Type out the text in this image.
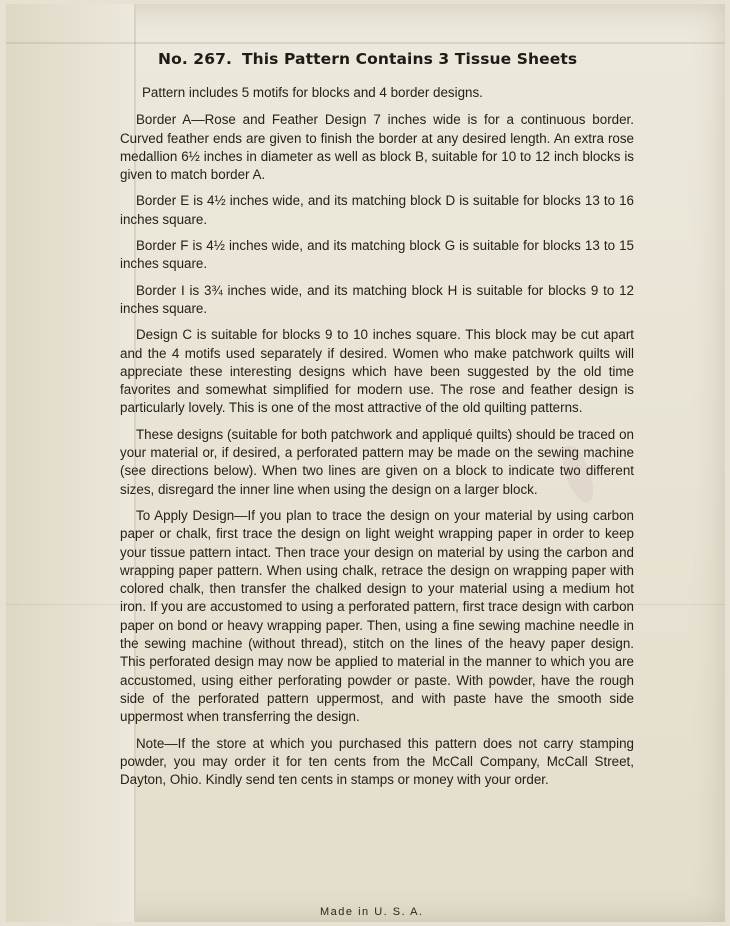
No. 267. This Pattern Contains 3 Tissue Sheets

Pattern includes 5 motifs for blocks and 4 border designs.

Border A—Rose and Feather Design 7 inches wide is for a continuous border. Curved feather ends are given to finish the border at any desired length. An extra rose medallion 6½ inches in diameter as well as block B, suitable for 10 to 12 inch blocks is given to match border A.

Border E is 4½ inches wide, and its matching block D is suitable for blocks 13 to 16 inches square.

Border F is 4½ inches wide, and its matching block G is suitable for blocks 13 to 15 inches square.

Border I is 3¾ inches wide, and its matching block H is suitable for blocks 9 to 12 inches square.

Design C is suitable for blocks 9 to 10 inches square. This block may be cut apart and the 4 motifs used separately if desired. Women who make patchwork quilts will appreciate these interesting designs which have been suggested by the old time favorites and somewhat simplified for modern use. The rose and feather design is particularly lovely. This is one of the most attractive of the old quilting patterns.

These designs (suitable for both patchwork and appliqué quilts) should be traced on your material or, if desired, a perforated pattern may be made on the sewing machine (see directions below). When two lines are given on a block to indicate two different sizes, disregard the inner line when using the design on a larger block.

To Apply Design—If you plan to trace the design on your material by using carbon paper or chalk, first trace the design on light weight wrapping paper in order to keep your tissue pattern intact. Then trace your design on material by using the carbon and wrapping paper pattern. When using chalk, retrace the design on wrapping paper with colored chalk, then transfer the chalked design to your material using a medium hot iron. If you are accustomed to using a perforated pattern, first trace design with carbon paper on bond or heavy wrapping paper. Then, using a fine sewing machine needle in the sewing machine (without thread), stitch on the lines of the heavy paper design. This perforated design may now be applied to material in the manner to which you are accustomed, using either perforating powder or paste. With powder, have the rough side of the perforated pattern uppermost, and with paste have the smooth side uppermost when transferring the design.

Note—If the store at which you purchased this pattern does not carry stamping powder, you may order it for ten cents from the McCall Company, McCall Street, Dayton, Ohio. Kindly send ten cents in stamps or money with your order.

Made in U. S. A.
